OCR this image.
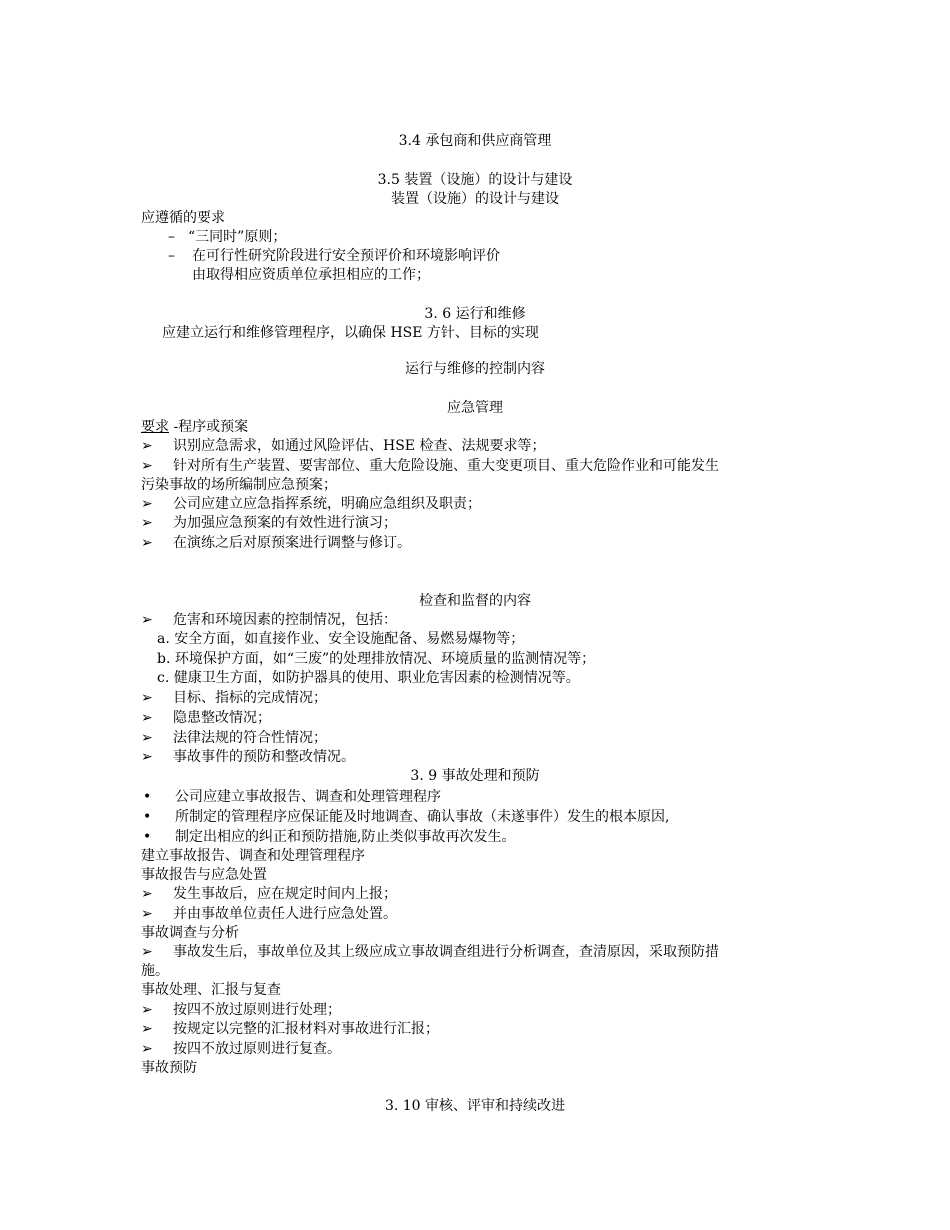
3.4 承包商和供应商管理
3.5 装置（设施）的设计与建设
装置（设施）的设计与建设
应遵循的要求
– “三同时”原则；
– 在可行性研究阶段进行安全预评价和环境影响评价
由取得相应资质单位承担相应的工作；
3. 6 运行和维修
应建立运行和维修管理程序，以确保 HSE 方针、目标的实现
运行与维修的控制内容
应急管理
要求 -程序或预案
➢ 识别应急需求，如通过风险评估、HSE 检查、法规要求等；
➢ 针对所有生产装置、要害部位、重大危险设施、重大变更项目、重大危险作业和可能发生
污染事故的场所编制应急预案；
➢ 公司应建立应急指挥系统，明确应急组织及职责；
➢ 为加强应急预案的有效性进行演习；
➢ 在演练之后对原预案进行调整与修订。
检查和监督的内容
➢ 危害和环境因素的控制情况，包括：
a. 安全方面，如直接作业、安全设施配备、易燃易爆物等；
b. 环境保护方面，如“三废”的处理排放情况、环境质量的监测情况等；
c. 健康卫生方面，如防护器具的使用、职业危害因素的检测情况等。
➢ 目标、指标的完成情况；
➢ 隐患整改情况；
➢ 法律法规的符合性情况；
➢ 事故事件的预防和整改情况。
3. 9 事故处理和预防
• 公司应建立事故报告、调查和处理管理程序
• 所制定的管理程序应保证能及时地调查、确认事故（未遂事件）发生的根本原因,
• 制定出相应的纠正和预防措施,防止类似事故再次发生。
建立事故报告、调查和处理管理程序
事故报告与应急处置
➢ 发生事故后，应在规定时间内上报；
➢ 并由事故单位责任人进行应急处置。
事故调查与分析
➢ 事故发生后，事故单位及其上级应成立事故调查组进行分析调查，查清原因，采取预防措
施。
事故处理、汇报与复查
➢ 按四不放过原则进行处理；
➢ 按规定以完整的汇报材料对事故进行汇报；
➢ 按四不放过原则进行复查。
事故预防
3. 10 审核、评审和持续改进
